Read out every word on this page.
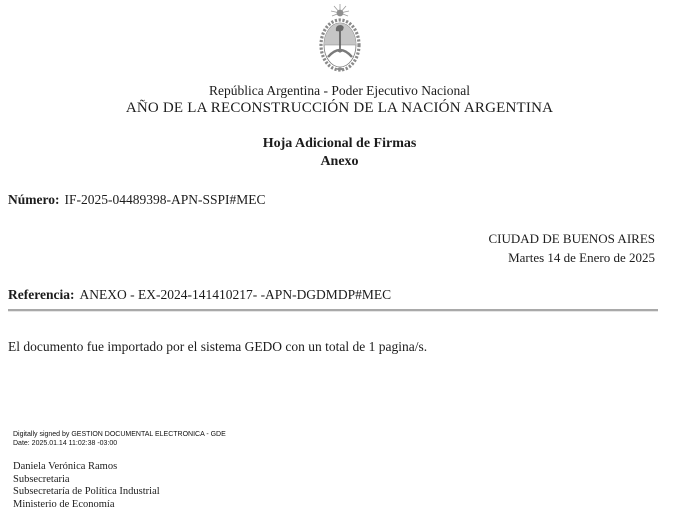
República Argentina - Poder Ejecutivo Nacional
AÑO DE LA RECONSTRUCCIÓN DE LA NACIÓN ARGENTINA
Hoja Adicional de Firmas
Anexo
Número: IF-2025-04489398-APN-SSPI#MEC
CIUDAD DE BUENOS AIRES
Martes 14 de Enero de 2025
Referencia: ANEXO - EX-2024-141410217- -APN-DGDMDP#MEC
El documento fue importado por el sistema GEDO con un total de 1 pagina/s.
Digitally signed by GESTION DOCUMENTAL ELECTRONICA - GDE
Date: 2025.01.14 11:02:38 -03:00
Daniela Verónica Ramos
Subsecretaria
Subsecretaría de Política Industrial
Ministerio de Economía
